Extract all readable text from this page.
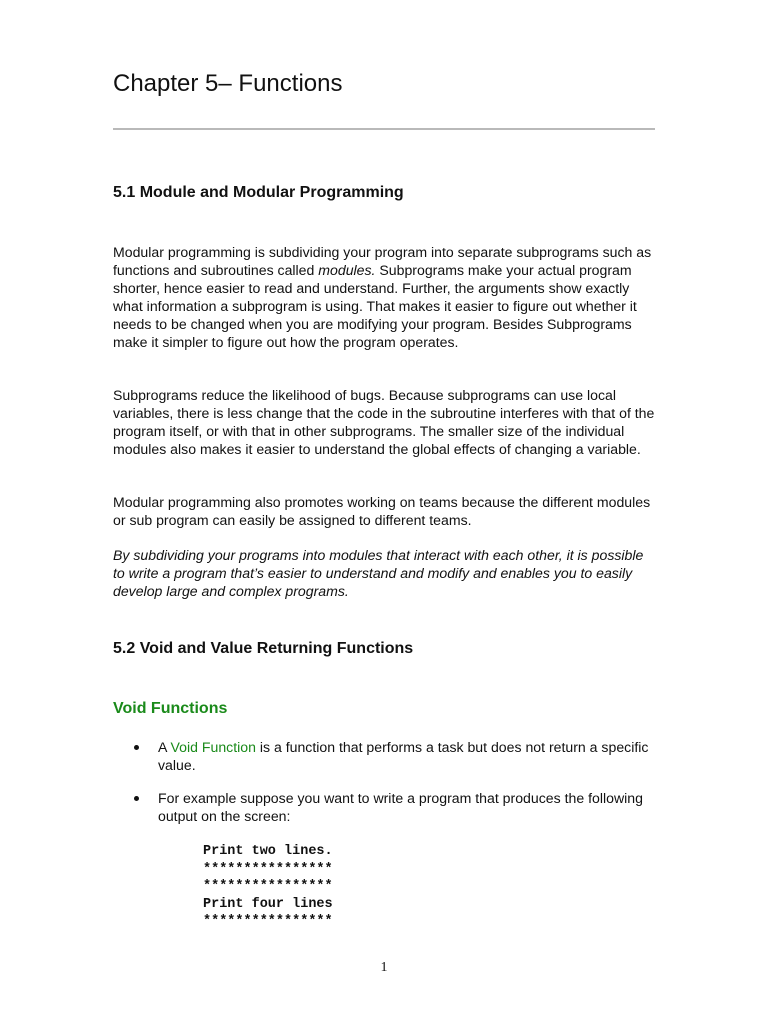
Chapter 5– Functions
5.1 Module and Modular Programming

Modular programming is subdividing your program into separate subprograms such as functions and subroutines called modules. Subprograms make your actual program shorter, hence easier to read and understand. Further, the arguments show exactly what information a subprogram is using. That makes it easier to figure out whether it needs to be changed when you are modifying your program. Besides Subprograms make it simpler to figure out how the program operates.

Subprograms reduce the likelihood of bugs. Because subprograms can use local variables, there is less change that the code in the subroutine interferes with that of the program itself, or with that in other subprograms. The smaller size of the individual modules also makes it easier to understand the global effects of changing a variable.

Modular programming also promotes working on teams because the different modules or sub program can easily be assigned to different teams.

By subdividing your programs into modules that interact with each other, it is possible to write a program that’s easier to understand and modify and enables you to easily develop large and complex programs.

5.2 Void and Value Returning Functions
Void Functions
A Void Function is a function that performs a task but does not return a specific value.
For example suppose you want to write a program that produces the following output on the screen:
Print two lines.
****************
****************
Print four lines
****************
1
